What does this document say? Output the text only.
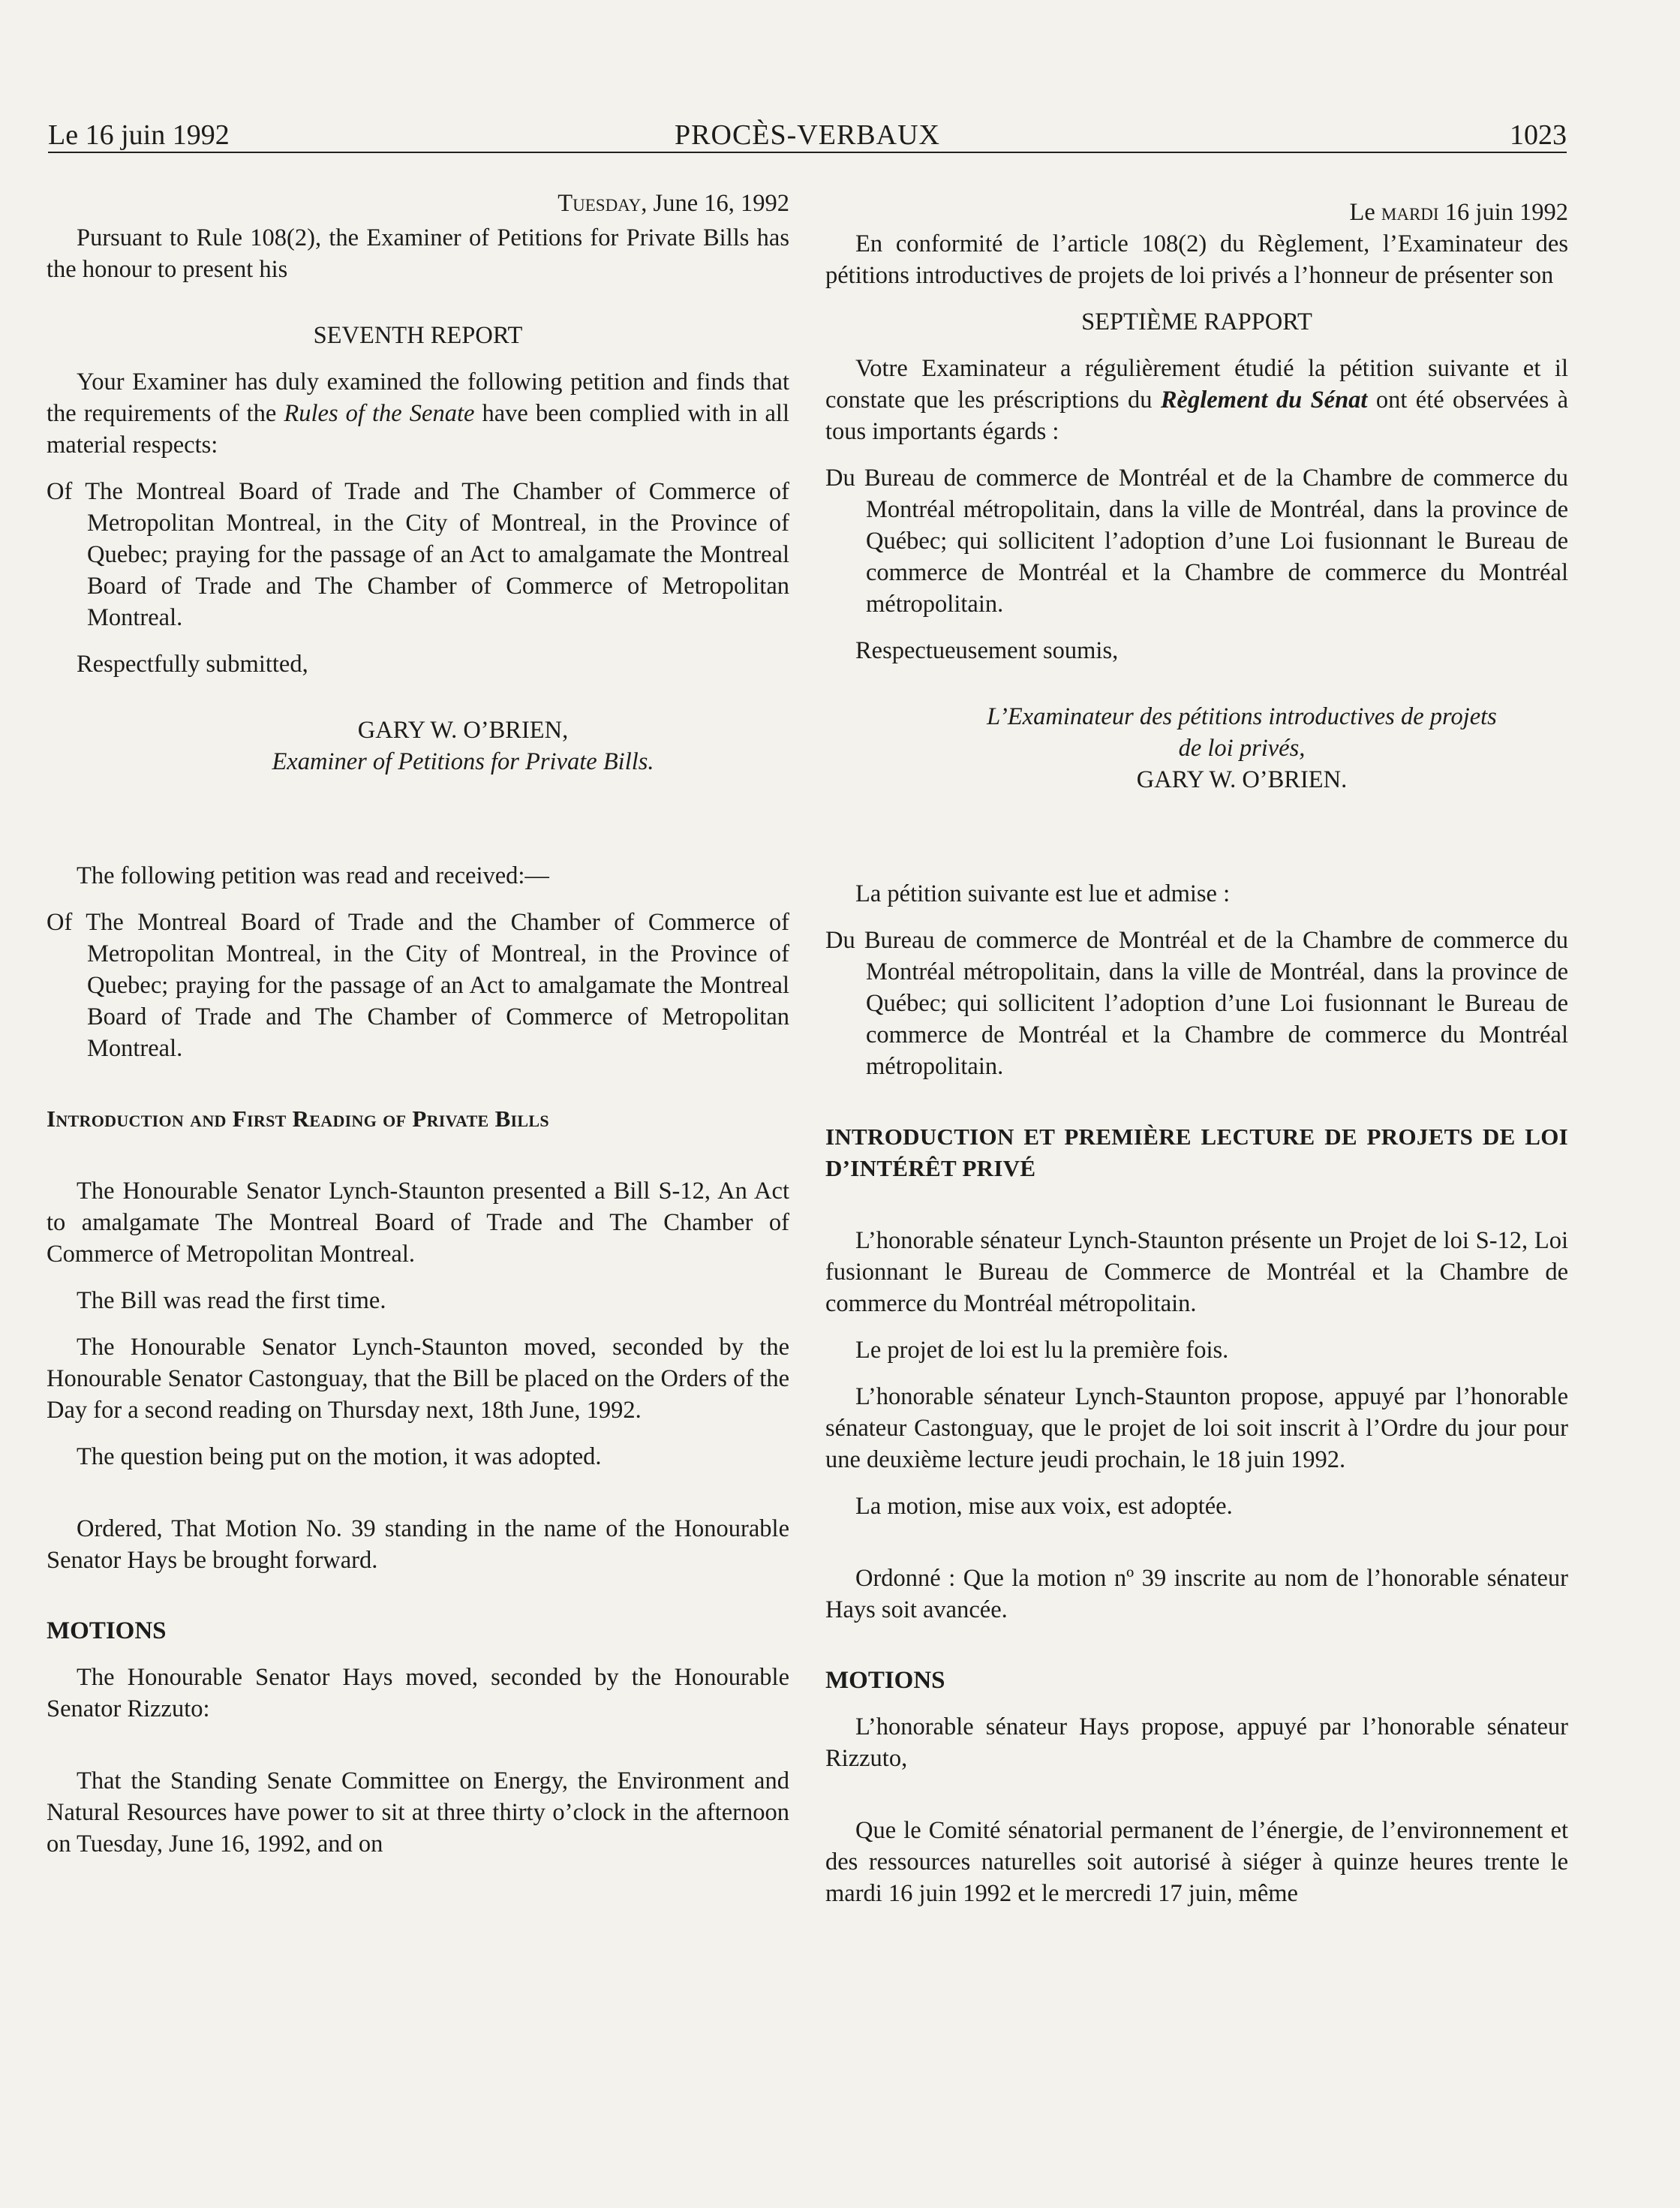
Le 16 juin 1992	PROCÈS-VERBAUX	1023

Tuesday, June 16, 1992

Pursuant to Rule 108(2), the Examiner of Petitions for Private Bills has the honour to present his

SEVENTH REPORT

Your Examiner has duly examined the following petition and finds that the requirements of the Rules of the Senate have been complied with in all material respects:

Of The Montreal Board of Trade and The Chamber of Commerce of Metropolitan Montreal, in the City of Montreal, in the Province of Quebec; praying for the passage of an Act to amalgamate the Montreal Board of Trade and The Chamber of Commerce of Metropolitan Montreal.

Respectfully submitted,

GARY W. O’BRIEN,

Examiner of Petitions for Private Bills.

The following petition was read and received:—

Of The Montreal Board of Trade and the Chamber of Commerce of Metropolitan Montreal, in the City of Montreal, in the Province of Quebec; praying for the passage of an Act to amalgamate the Montreal Board of Trade and The Chamber of Commerce of Metropolitan Montreal.

Introduction and First Reading of Private Bills

The Honourable Senator Lynch-Staunton presented a Bill S-12, An Act to amalgamate The Montreal Board of Trade and The Chamber of Commerce of Metropolitan Montreal.

The Bill was read the first time.

The Honourable Senator Lynch-Staunton moved, seconded by the Honourable Senator Castonguay, that the Bill be placed on the Orders of the Day for a second reading on Thursday next, 18th June, 1992.

The question being put on the motion, it was adopted.

Ordered, That Motion No. 39 standing in the name of the Honourable Senator Hays be brought forward.

MOTIONS

The Honourable Senator Hays moved, seconded by the Honourable Senator Rizzuto:

That the Standing Senate Committee on Energy, the Environment and Natural Resources have power to sit at three thirty o’clock in the afternoon on Tuesday, June 16, 1992, and on

Le mardi 16 juin 1992

En conformité de l’article 108(2) du Règlement, l’Examinateur des pétitions introductives de projets de loi privés a l’honneur de présenter son

SEPTIÈME RAPPORT

Votre Examinateur a régulièrement étudié la pétition suivante et il constate que les préscriptions du Règlement du Sénat ont été observées à tous importants égards :

Du Bureau de commerce de Montréal et de la Chambre de commerce du Montréal métropolitain, dans la ville de Montréal, dans la province de Québec; qui sollicitent l’adoption d’une Loi fusionnant le Bureau de commerce de Montréal et la Chambre de commerce du Montréal métropolitain.

Respectueusement soumis,

L’Examinateur des pétitions introductives de projets

de loi privés,

GARY W. O’BRIEN.

La pétition suivante est lue et admise :

Du Bureau de commerce de Montréal et de la Chambre de commerce du Montréal métropolitain, dans la ville de Montréal, dans la province de Québec; qui sollicitent l’adoption d’une Loi fusionnant le Bureau de commerce de Montréal et la Chambre de commerce du Montréal métropolitain.

INTRODUCTION ET PREMIÈRE LECTURE DE PROJETS DE LOI D’INTÉRÊT PRIVÉ

L’honorable sénateur Lynch-Staunton présente un Projet de loi S-12, Loi fusionnant le Bureau de Commerce de Montréal et la Chambre de commerce du Montréal métropolitain.

Le projet de loi est lu la première fois.

L’honorable sénateur Lynch-Staunton propose, appuyé par l’honorable sénateur Castonguay, que le projet de loi soit inscrit à l’Ordre du jour pour une deuxième lecture jeudi prochain, le 18 juin 1992.

La motion, mise aux voix, est adoptée.

Ordonné : Que la motion nº 39 inscrite au nom de l’honorable sénateur Hays soit avancée.

MOTIONS

L’honorable sénateur Hays propose, appuyé par l’honorable sénateur Rizzuto,

Que le Comité sénatorial permanent de l’énergie, de l’environnement et des ressources naturelles soit autorisé à siéger à quinze heures trente le mardi 16 juin 1992 et le mercredi 17 juin, même
